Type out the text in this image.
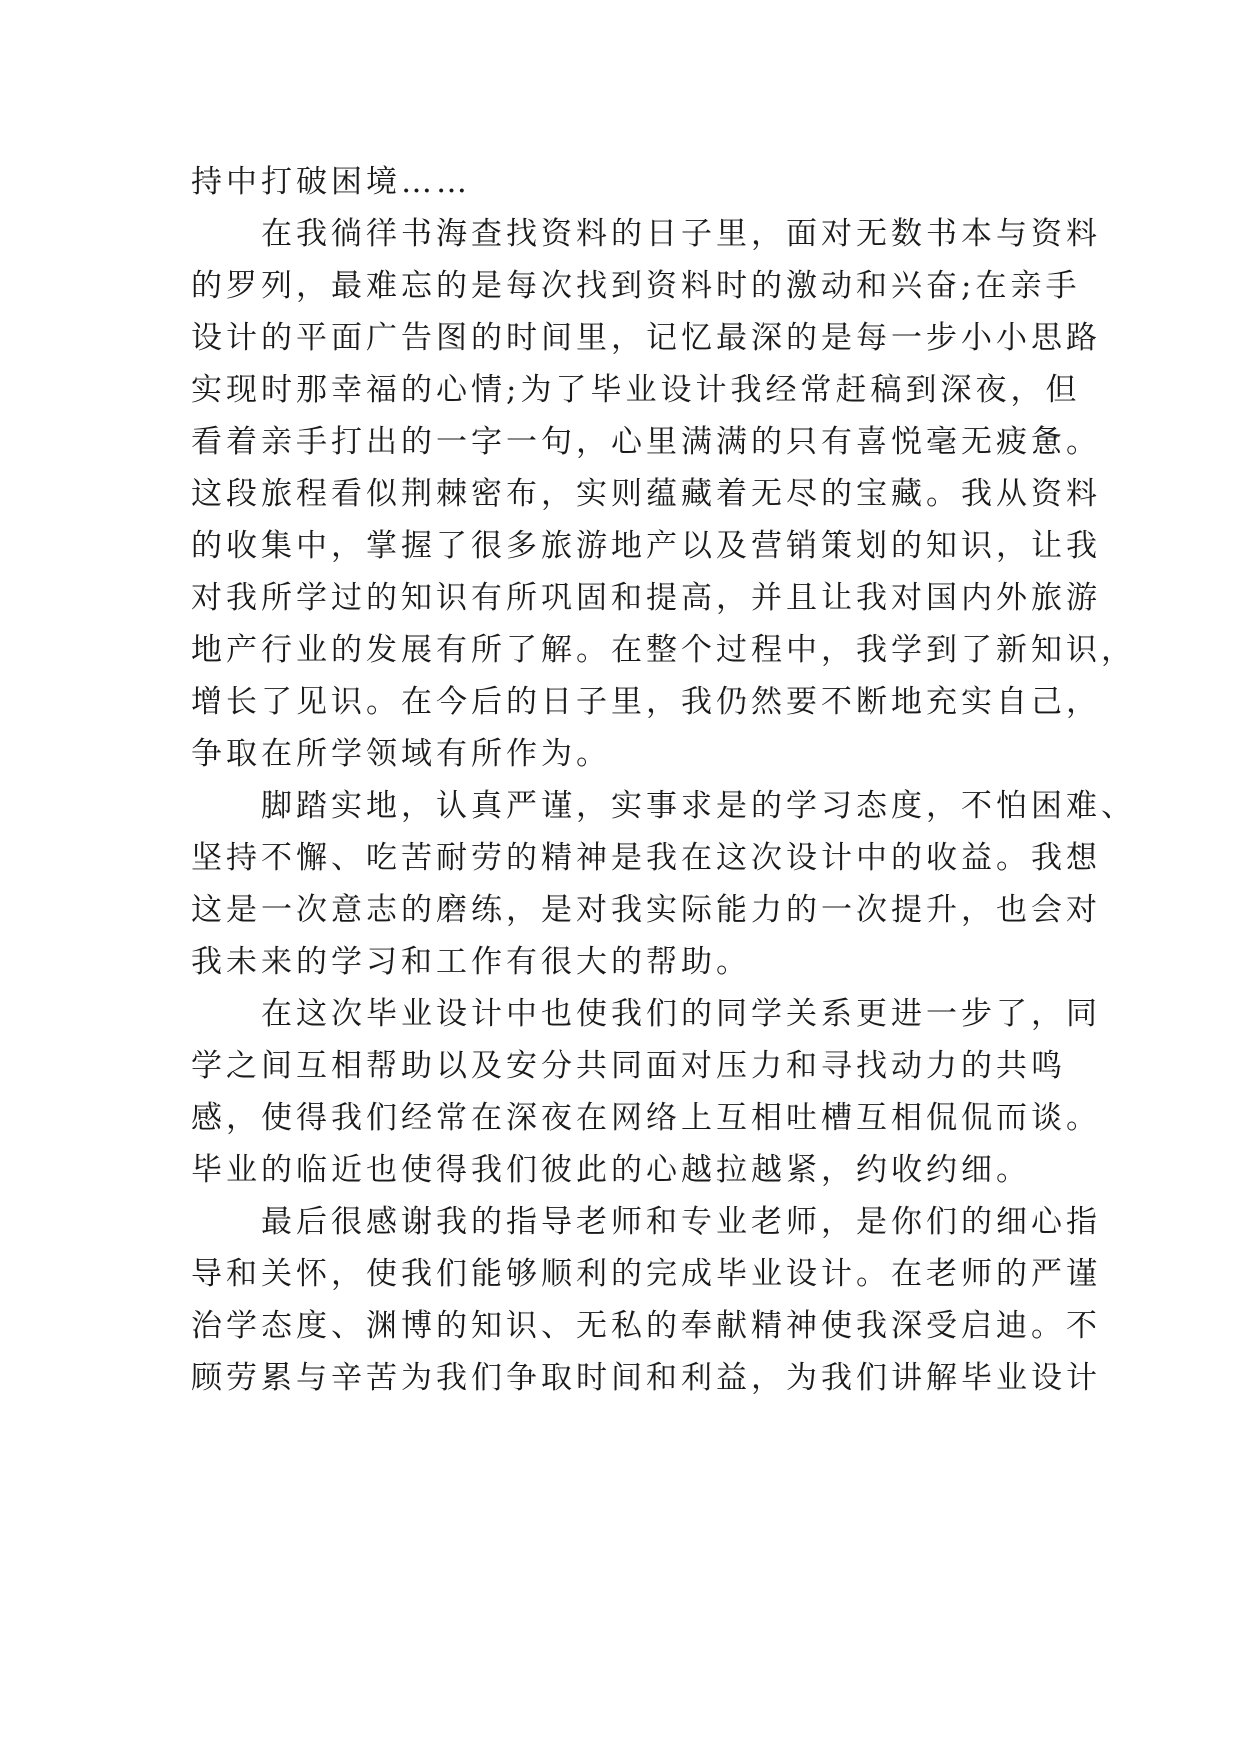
持中打破困境……
　　在我徜徉书海查找资料的日子里，面对无数书本与资料
的罗列，最难忘的是每次找到资料时的激动和兴奋;在亲手
设计的平面广告图的时间里，记忆最深的是每一步小小思路
实现时那幸福的心情;为了毕业设计我经常赶稿到深夜，但
看着亲手打出的一字一句，心里满满的只有喜悦毫无疲惫。
这段旅程看似荆棘密布，实则蕴藏着无尽的宝藏。我从资料
的收集中，掌握了很多旅游地产以及营销策划的知识，让我
对我所学过的知识有所巩固和提高，并且让我对国内外旅游
地产行业的发展有所了解。在整个过程中，我学到了新知识，
增长了见识。在今后的日子里，我仍然要不断地充实自己，
争取在所学领域有所作为。
　　脚踏实地，认真严谨，实事求是的学习态度，不怕困难、
坚持不懈、吃苦耐劳的精神是我在这次设计中的收益。我想
这是一次意志的磨练，是对我实际能力的一次提升，也会对
我未来的学习和工作有很大的帮助。
　　在这次毕业设计中也使我们的同学关系更进一步了，同
学之间互相帮助以及安分共同面对压力和寻找动力的共鸣
感，使得我们经常在深夜在网络上互相吐槽互相侃侃而谈。
毕业的临近也使得我们彼此的心越拉越紧，约收约细。
　　最后很感谢我的指导老师和专业老师，是你们的细心指
导和关怀，使我们能够顺利的完成毕业设计。在老师的严谨
治学态度、渊博的知识、无私的奉献精神使我深受启迪。不
顾劳累与辛苦为我们争取时间和利益，为我们讲解毕业设计
